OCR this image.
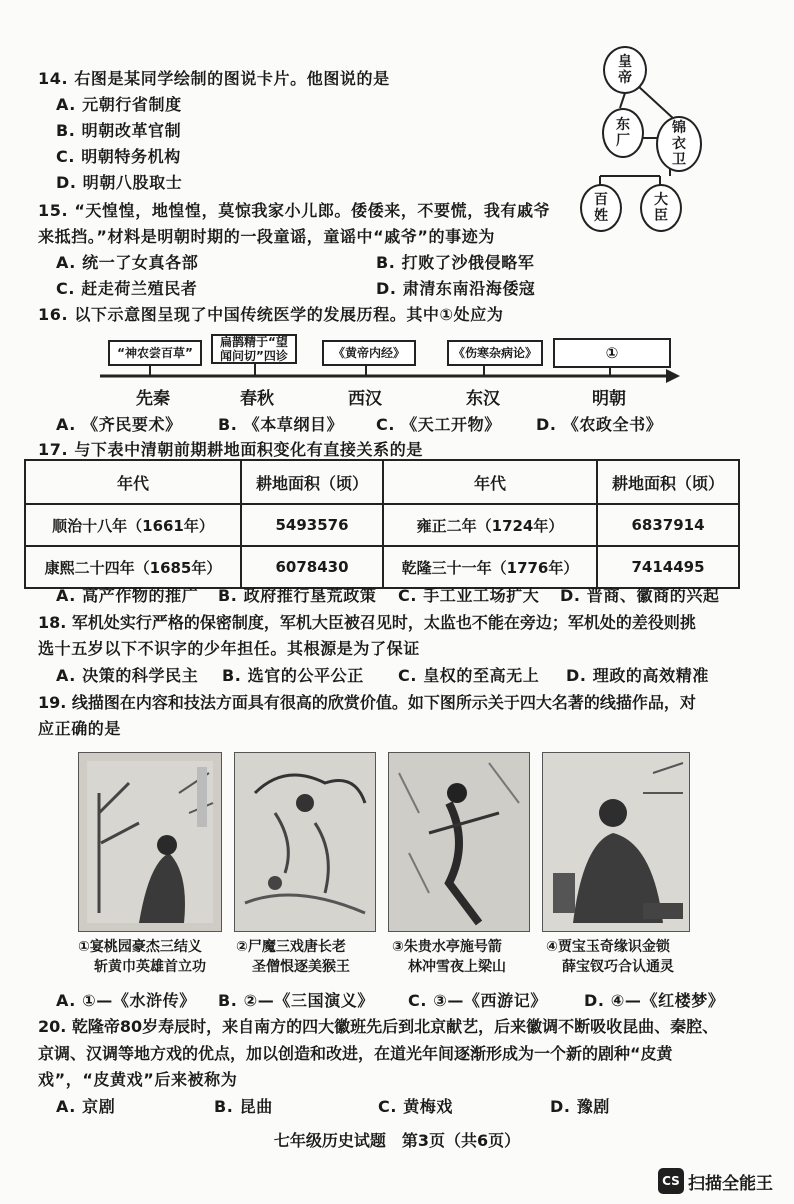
14. 右图是某同学绘制的图说卡片。他图说的是
A. 元朝行省制度
B. 明朝改革官制
C. 明朝特务机构
D. 明朝八股取士
皇帝
东厂
锦衣卫
百姓
大臣
15. “天惶惶，地惶惶，莫惊我家小儿郎。倭倭来，不要慌，我有戚爷
来抵挡。”材料是明朝时期的一段童谣，童谣中“戚爷”的事迹为
A. 统一了女真各部	B. 打败了沙俄侵略军
C. 赶走荷兰殖民者	D. 肃清东南沿海倭寇
16. 以下示意图呈现了中国传统医学的发展历程。其中①处应为
“神农尝百草”
扁鹊精于“望闻问切”四诊	《黄帝内经》	《伤寒杂病论》	①
先秦	春秋	西汉	东汉	明朝
A. 《齐民要术》 B. 《本草纲目》 C. 《天工开物》 D. 《农政全书》
17. 与下表中清朝前期耕地面积变化有直接关系的是
年代	耕地面积（顷）	年代	耕地面积（顷）
顺治十八年（1661年）	5493576	雍正二年（1724年）	6837914
康熙二十四年（1685年）	6078430	乾隆三十一年（1776年）	7414495
A. 高产作物的推广 B. 政府推行垦荒政策 C. 手工业工场扩大 D. 晋商、徽商的兴起
18. 军机处实行严格的保密制度，军机大臣被召见时，太监也不能在旁边；军机处的差役则挑
选十五岁以下不识字的少年担任。其根源是为了保证
A. 决策的科学民主 B. 选官的公平公正 C. 皇权的至高无上 D. 理政的高效精准
19. 线描图在内容和技法方面具有很高的欣赏价值。如下图所示关于四大名著的线描作品，对
应正确的是
①宴桃园豪杰三结义
斩黄巾英雄首立功
②尸魔三戏唐长老
圣僧恨逐美猴王
③朱贵水亭施号箭
林冲雪夜上梁山
④贾宝玉奇缘识金锁
薛宝钗巧合认通灵
A. ①—《水浒传》 B. ②—《三国演义》 C. ③—《西游记》 D. ④—《红楼梦》
20. 乾隆帝80岁寿辰时，来自南方的四大徽班先后到北京献艺，后来徽调不断吸收昆曲、秦腔、
京调、汉调等地方戏的优点，加以创造和改进，在道光年间逐渐形成为一个新的剧种“皮黄
戏”，“皮黄戏”后来被称为
A. 京剧	B. 昆曲	C. 黄梅戏	D. 豫剧
七年级历史试题　第3页（共6页）
CS 扫描全能王
